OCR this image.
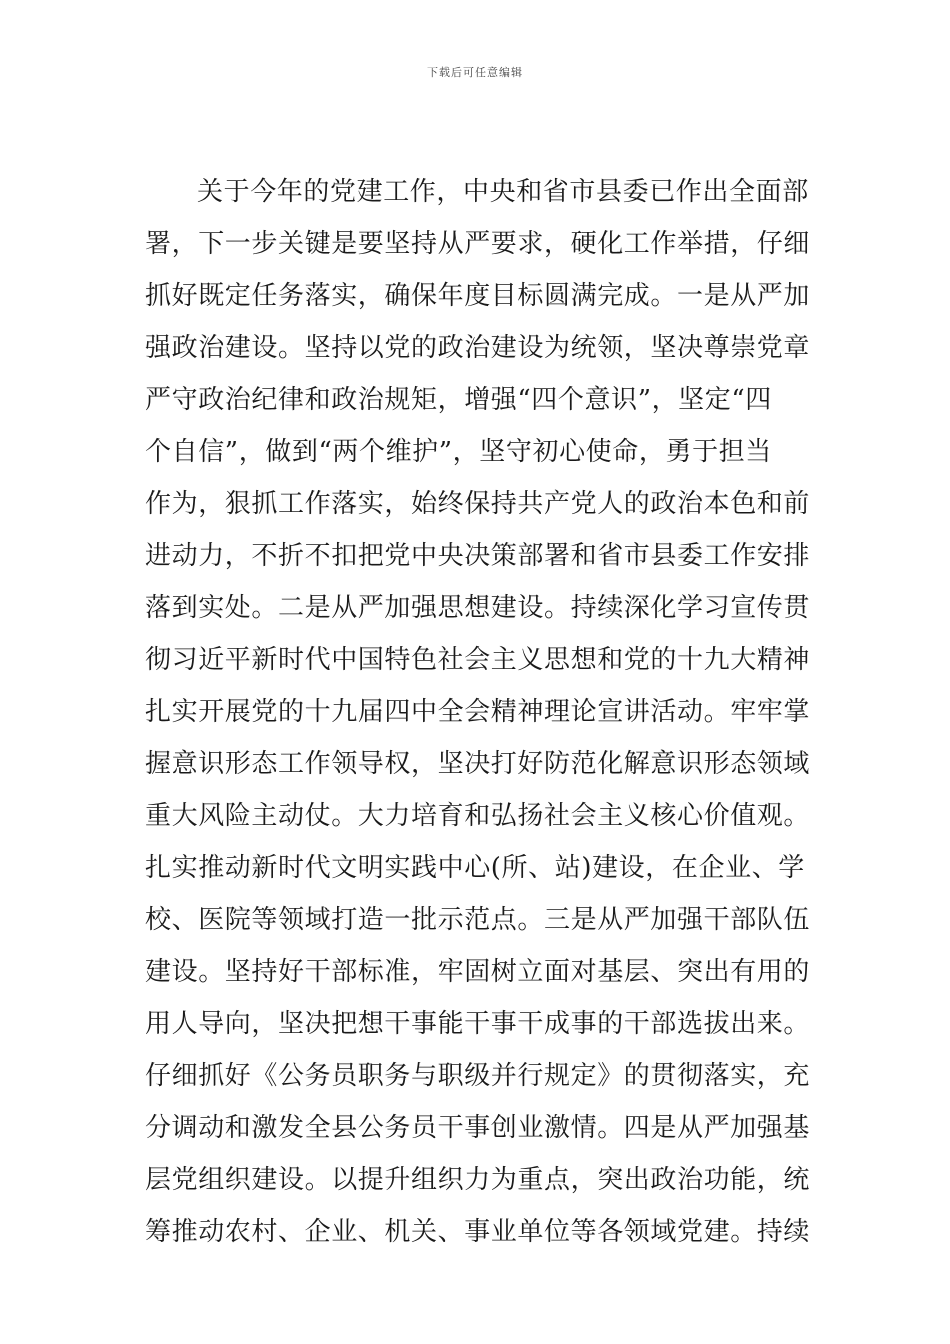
下载后可任意编辑
关于今年的党建工作，中央和省市县委已作出全面部
署，下一步关键是要坚持从严要求，硬化工作举措，仔细
抓好既定任务落实，确保年度目标圆满完成。一是从严加
强政治建设。坚持以党的政治建设为统领，坚决尊崇党章
严守政治纪律和政治规矩，增强“四个意识”，坚定“四
个自信”，做到“两个维护”，坚守初心使命，勇于担当
作为，狠抓工作落实，始终保持共产党人的政治本色和前
进动力，不折不扣把党中央决策部署和省市县委工作安排
落到实处。二是从严加强思想建设。持续深化学习宣传贯
彻习近平新时代中国特色社会主义思想和党的十九大精神
扎实开展党的十九届四中全会精神理论宣讲活动。牢牢掌
握意识形态工作领导权，坚决打好防范化解意识形态领域
重大风险主动仗。大力培育和弘扬社会主义核心价值观。
扎实推动新时代文明实践中心(所、站)建设，在企业、学
校、医院等领域打造一批示范点。三是从严加强干部队伍
建设。坚持好干部标准，牢固树立面对基层、突出有用的
用人导向，坚决把想干事能干事干成事的干部选拔出来。
仔细抓好《公务员职务与职级并行规定》的贯彻落实，充
分调动和激发全县公务员干事创业激情。四是从严加强基
层党组织建设。以提升组织力为重点，突出政治功能，统
筹推动农村、企业、机关、事业单位等各领域党建。持续
